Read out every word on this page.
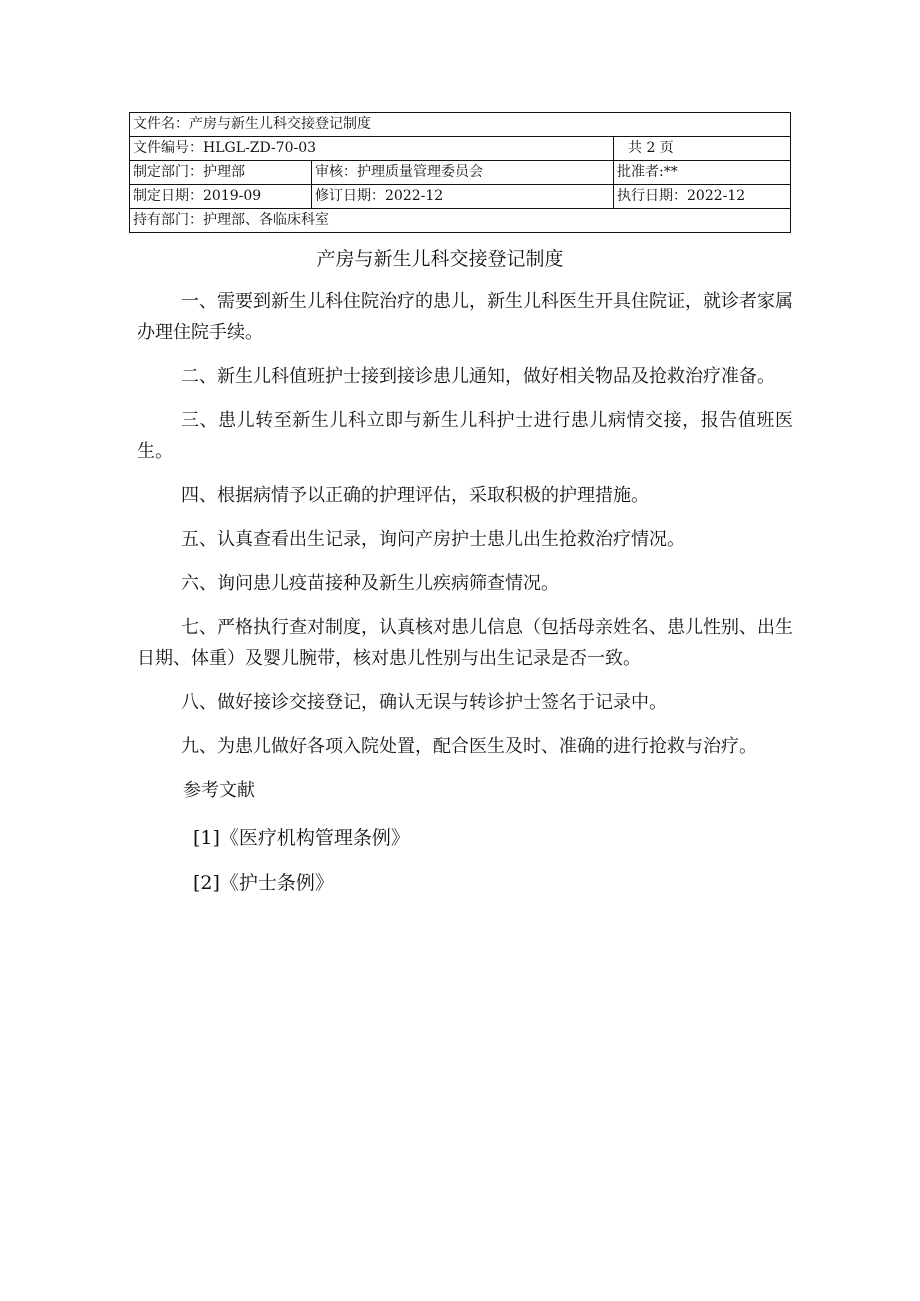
文件名：产房与新生儿科交接登记制度		
文件编号：HLGL-ZD-70-03		共 2 页
制定部门：护理部	审核：护理质量管理委员会	批准者:**
制定日期：2019-09	修订日期：2022-12	执行日期：2022-12
持有部门：护理部、各临床科室		
产房与新生儿科交接登记制度

一、需要到新生儿科住院治疗的患儿，新生儿科医生开具住院证，就诊者家属办理住院手续。

二、新生儿科值班护士接到接诊患儿通知，做好相关物品及抢救治疗准备。

三、患儿转至新生儿科立即与新生儿科护士进行患儿病情交接，报告值班医生。

四、根据病情予以正确的护理评估，采取积极的护理措施。

五、认真查看出生记录，询问产房护士患儿出生抢救治疗情况。

六、询问患儿疫苗接种及新生儿疾病筛查情况。

七、严格执行查对制度，认真核对患儿信息（包括母亲姓名、患儿性别、出生日期、体重）及婴儿腕带，核对患儿性别与出生记录是否一致。

八、做好接诊交接登记，确认无误与转诊护士签名于记录中。

九、为患儿做好各项入院处置，配合医生及时、准确的进行抢救与治疗。

参考文献

[1]《医疗机构管理条例》

[2]《护士条例》
